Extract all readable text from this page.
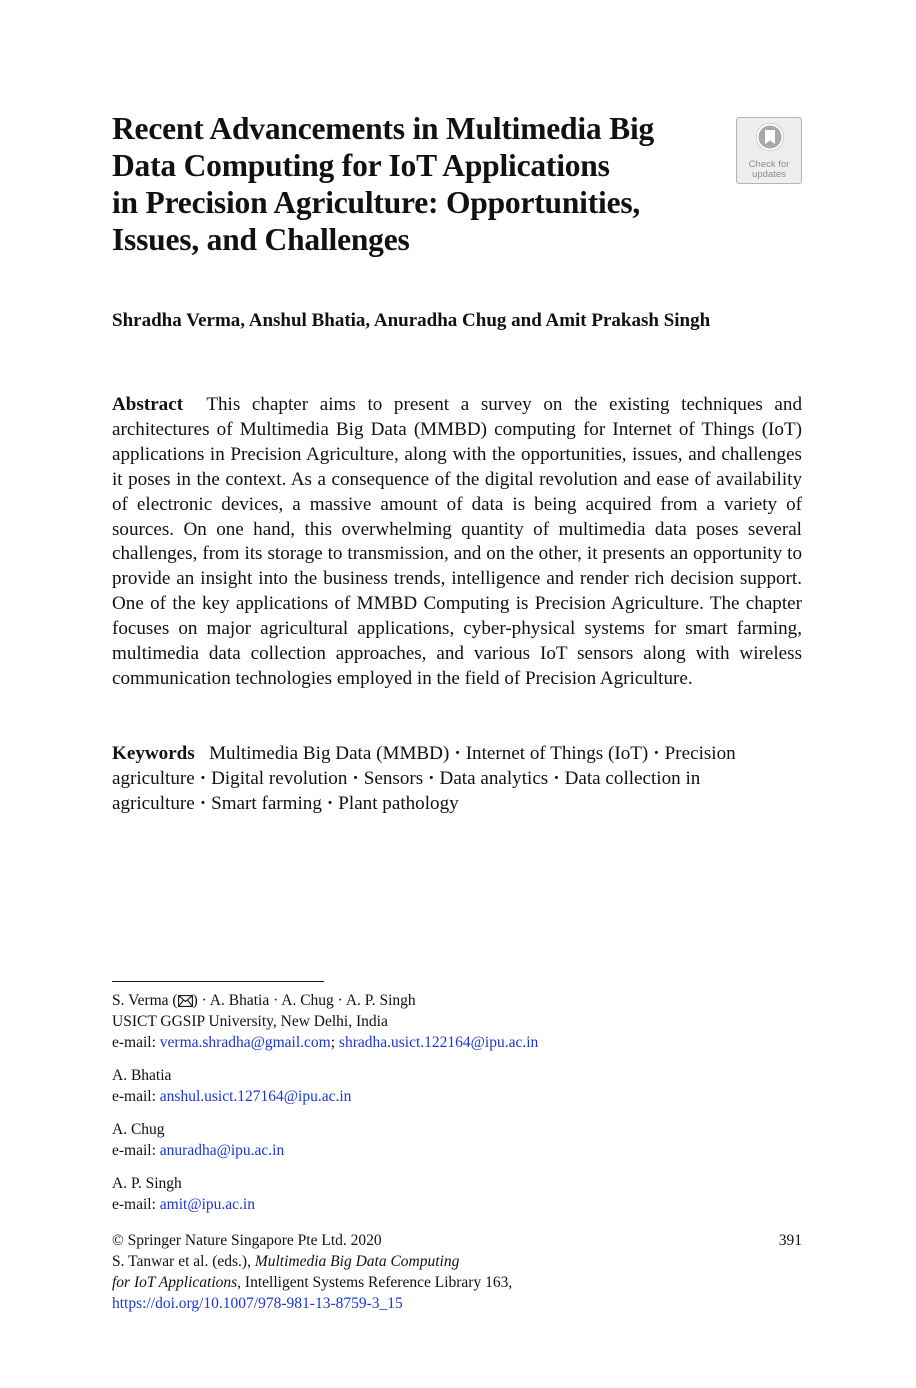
Recent Advancements in Multimedia Big
Data Computing for IoT Applications
in Precision Agriculture: Opportunities,
Issues, and Challenges
Check for
updates

Shradha Verma, Anshul Bhatia, Anuradha Chug and Amit Prakash Singh

Abstract This chapter aims to present a survey on the existing techniques and architectures of Multimedia Big Data (MMBD) computing for Internet of Things (IoT) applications in Precision Agriculture, along with the opportunities, issues, and challenges it poses in the context. As a consequence of the digital revolution and ease of availability of electronic devices, a massive amount of data is being acquired from a variety of sources. On one hand, this overwhelming quantity of multimedia data poses several challenges, from its storage to transmission, and on the other, it presents an opportunity to provide an insight into the business trends, intelligence and render rich decision support. One of the key applications of MMBD Computing is Precision Agriculture. The chapter focuses on major agricultural applications, cyber-physical systems for smart farming, multimedia data collection approaches, and various IoT sensors along with wireless communication technologies employed in the field of Precision Agriculture.

Keywords Multimedia Big Data (MMBD) · Internet of Things (IoT) · Precision agriculture · Digital revolution · Sensors · Data analytics · Data collection in agriculture · Smart farming · Plant pathology

S. Verma ( ) · A. Bhatia · A. Chug · A. P. Singh
USICT GGSIP University, New Delhi, India
e-mail: verma.shradha@gmail.com; shradha.usict.122164@ipu.ac.in
A. Bhatia
e-mail: anshul.usict.127164@ipu.ac.in
A. Chug
e-mail: anuradha@ipu.ac.in
A. P. Singh
e-mail: amit@ipu.ac.in
© Springer Nature Singapore Pte Ltd. 2020
S. Tanwar et al. (eds.), Multimedia Big Data Computing
for IoT Applications, Intelligent Systems Reference Library 163,
https://doi.org/10.1007/978-981-13-8759-3_15
391
